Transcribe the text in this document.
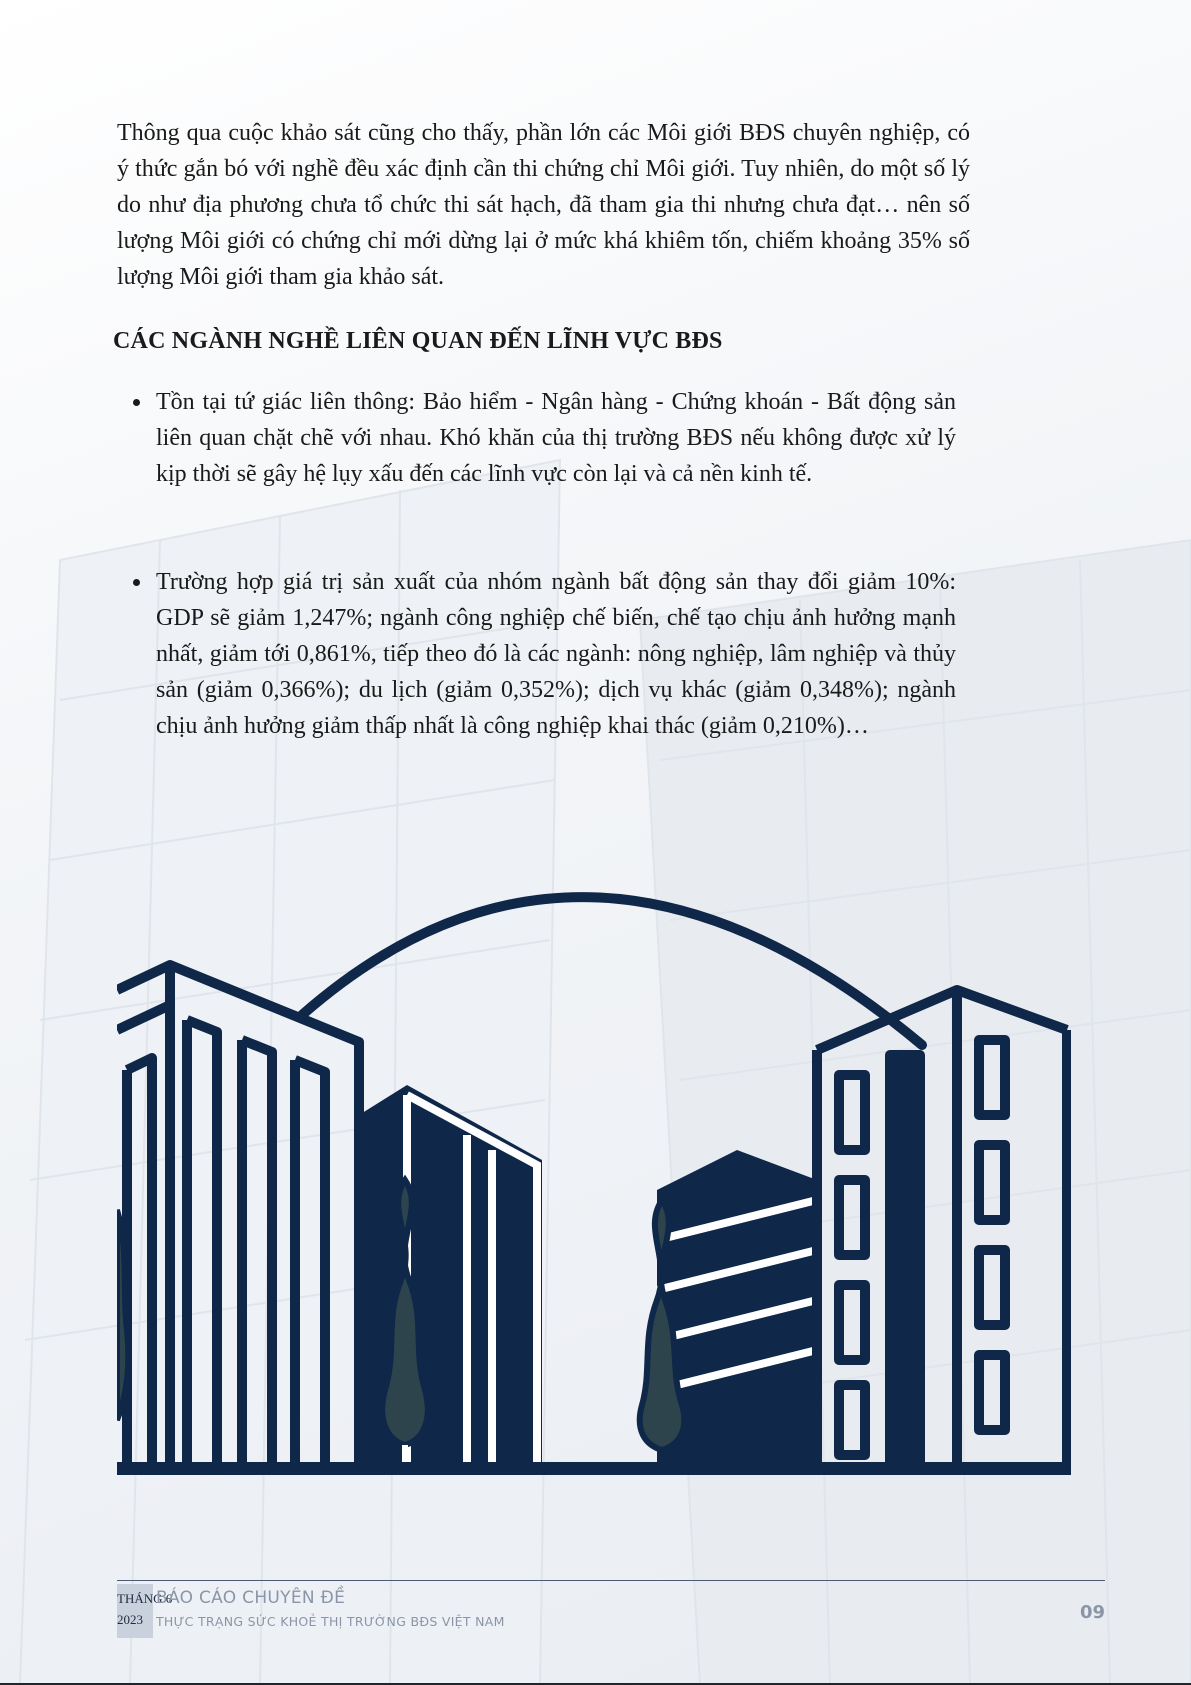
Thông qua cuộc khảo sát cũng cho thấy, phần lớn các Môi giới BĐS chuyên nghiệp, có ý thức gắn bó với nghề đều xác định cần thi chứng chỉ Môi giới. Tuy nhiên, do một số lý do như địa phương chưa tổ chức thi sát hạch, đã tham gia thi nhưng chưa đạt… nên số lượng Môi giới có chứng chỉ mới dừng lại ở mức khá khiêm tốn, chiếm khoảng 35% số lượng Môi giới tham gia khảo sát.

CÁC NGÀNH NGHỀ LIÊN QUAN ĐẾN LĨNH VỰC BĐS
Tồn tại tứ giác liên thông: Bảo hiểm - Ngân hàng - Chứng khoán - Bất động sản liên quan chặt chẽ với nhau. Khó khăn của thị trường BĐS nếu không được xử lý kịp thời sẽ gây hệ lụy xấu đến các lĩnh vực còn lại và cả nền kinh tế.
Trường hợp giá trị sản xuất của nhóm ngành bất động sản thay đổi giảm 10%: GDP sẽ giảm 1,247%; ngành công nghiệp chế biến, chế tạo chịu ảnh hưởng mạnh nhất, giảm tới 0,861%, tiếp theo đó là các ngành: nông nghiệp, lâm nghiệp và thủy sản (giảm 0,366%); du lịch (giảm 0,352%); dịch vụ khác (giảm 0,348%); ngành chịu ảnh hưởng giảm thấp nhất là công nghiệp khai thác (giảm 0,210%)…
THÁNG 6
2023
BÁO CÁO CHUYÊN ĐỀ
THỰC TRẠNG SỨC KHOẺ THỊ TRƯỜNG BĐS VIỆT NAM	09
